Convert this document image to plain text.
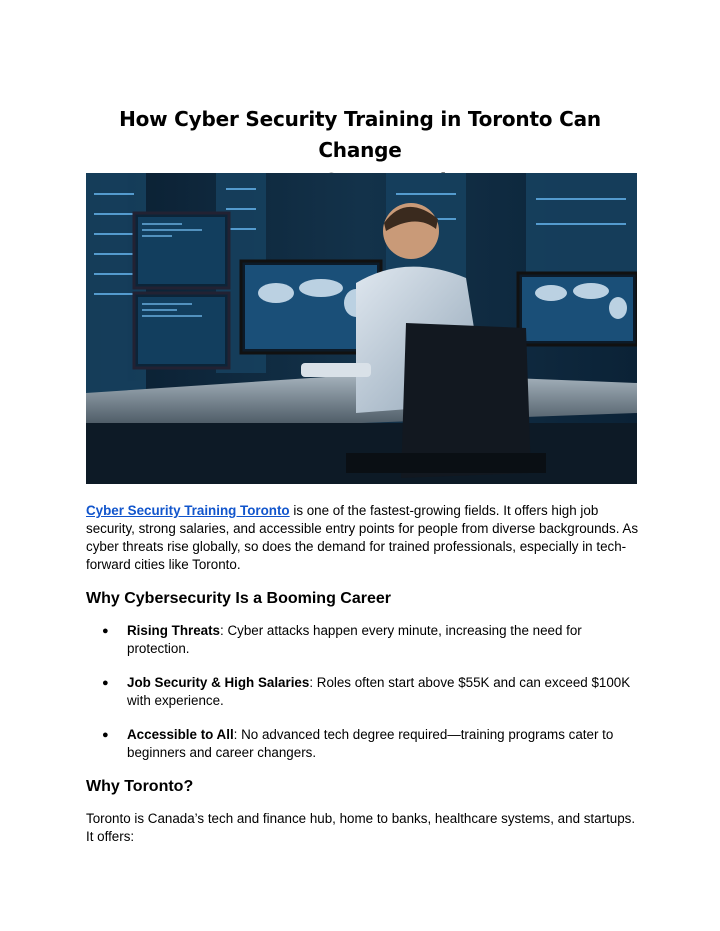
How Cyber Security Training in Toronto Can Change
Cyber Security Training Toronto is one of the fastest-growing fields. It offers high job security, strong salaries, and accessible entry points for people from diverse backgrounds. As cyber threats rise globally, so does the demand for trained professionals, especially in tech-forward cities like Toronto.
Why Cybersecurity Is a Booming Career
● Rising Threats: Cyber attacks happen every minute, increasing the need for protection.
● Job Security & High Salaries: Roles often start above $55K and can exceed $100K with experience.
● Accessible to All: No advanced tech degree required—training programs cater to beginners and career changers.
Why Toronto?
Toronto is Canada’s tech and finance hub, home to banks, healthcare systems, and startups. It offers:
